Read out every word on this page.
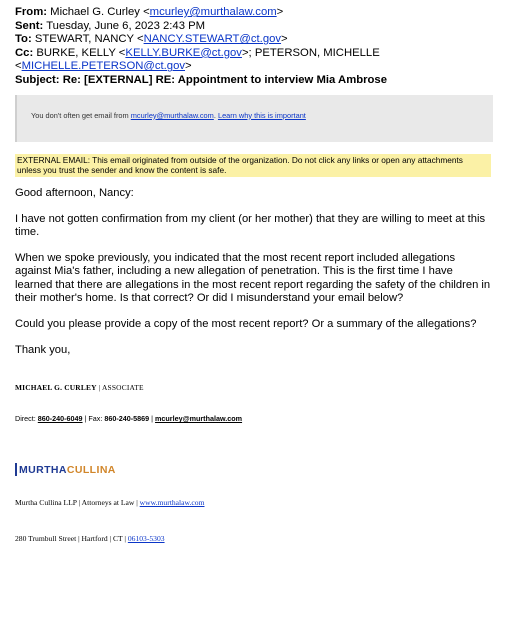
From: Michael G. Curley <mcurley@murthalaw.com>
Sent: Tuesday, June 6, 2023 2:43 PM
To: STEWART, NANCY <NANCY.STEWART@ct.gov>
Cc: BURKE, KELLY <KELLY.BURKE@ct.gov>; PETERSON, MICHELLE
<MICHELLE.PETERSON@ct.gov>
Subject: Re: [EXTERNAL] RE: Appointment to interview Mia Ambrose
You don't often get email from mcurley@murthalaw.com. Learn why this is important
EXTERNAL EMAIL: This email originated from outside of the organization. Do not click any links or open any attachments unless you trust the sender and know the content is safe.

Good afternoon, Nancy:

I have not gotten confirmation from my client (or her mother) that they are willing to meet at this time.

When we spoke previously, you indicated that the most recent report included allegations against Mia's father, including a new allegation of penetration. This is the first time I have learned that there are allegations in the most recent report regarding the safety of the children in their mother's home. Is that correct? Or did I misunderstand your email below?

Could you please provide a copy of the most recent report? Or a summary of the allegations?

Thank you,

MICHAEL G. CURLEY | ASSOCIATE
Direct: 860-240-6049 | Fax: 860-240-5869 | mcurley@murthalaw.com
MURTHA CULLINA
Murtha Cullina LLP | Attorneys at Law | www.murthalaw.com
280 Trumbull Street | Hartford | CT | 06103-5303
